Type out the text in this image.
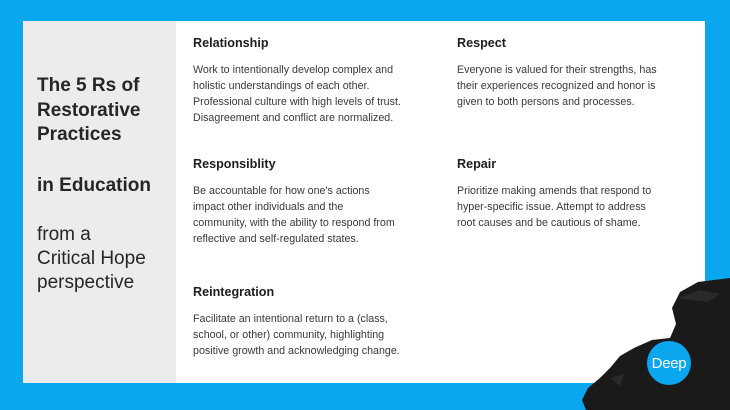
The 5 Rs of
Restorative
Practices
in Education
from a
Critical Hope
perspective
Relationship

Work to intentionally develop complex and
holistic understandings of each other.
Professional culture with high levels of trust.
Disagreement and conflict are normalized.

Respect

Everyone is valued for their strengths, has
their experiences recognized and honor is
given to both persons and processes.

Responsiblity

Be accountable for how one's actions
impact other individuals and the
community, with the ability to respond from
reflective and self-regulated states.

Repair

Prioritize making amends that respond to
hyper-specific issue. Attempt to address
root causes and be cautious of shame.

Reintegration

Facilitate an intentional return to a (class,
school, or other) community, highlighting
positive growth and acknowledging change.

Deep
